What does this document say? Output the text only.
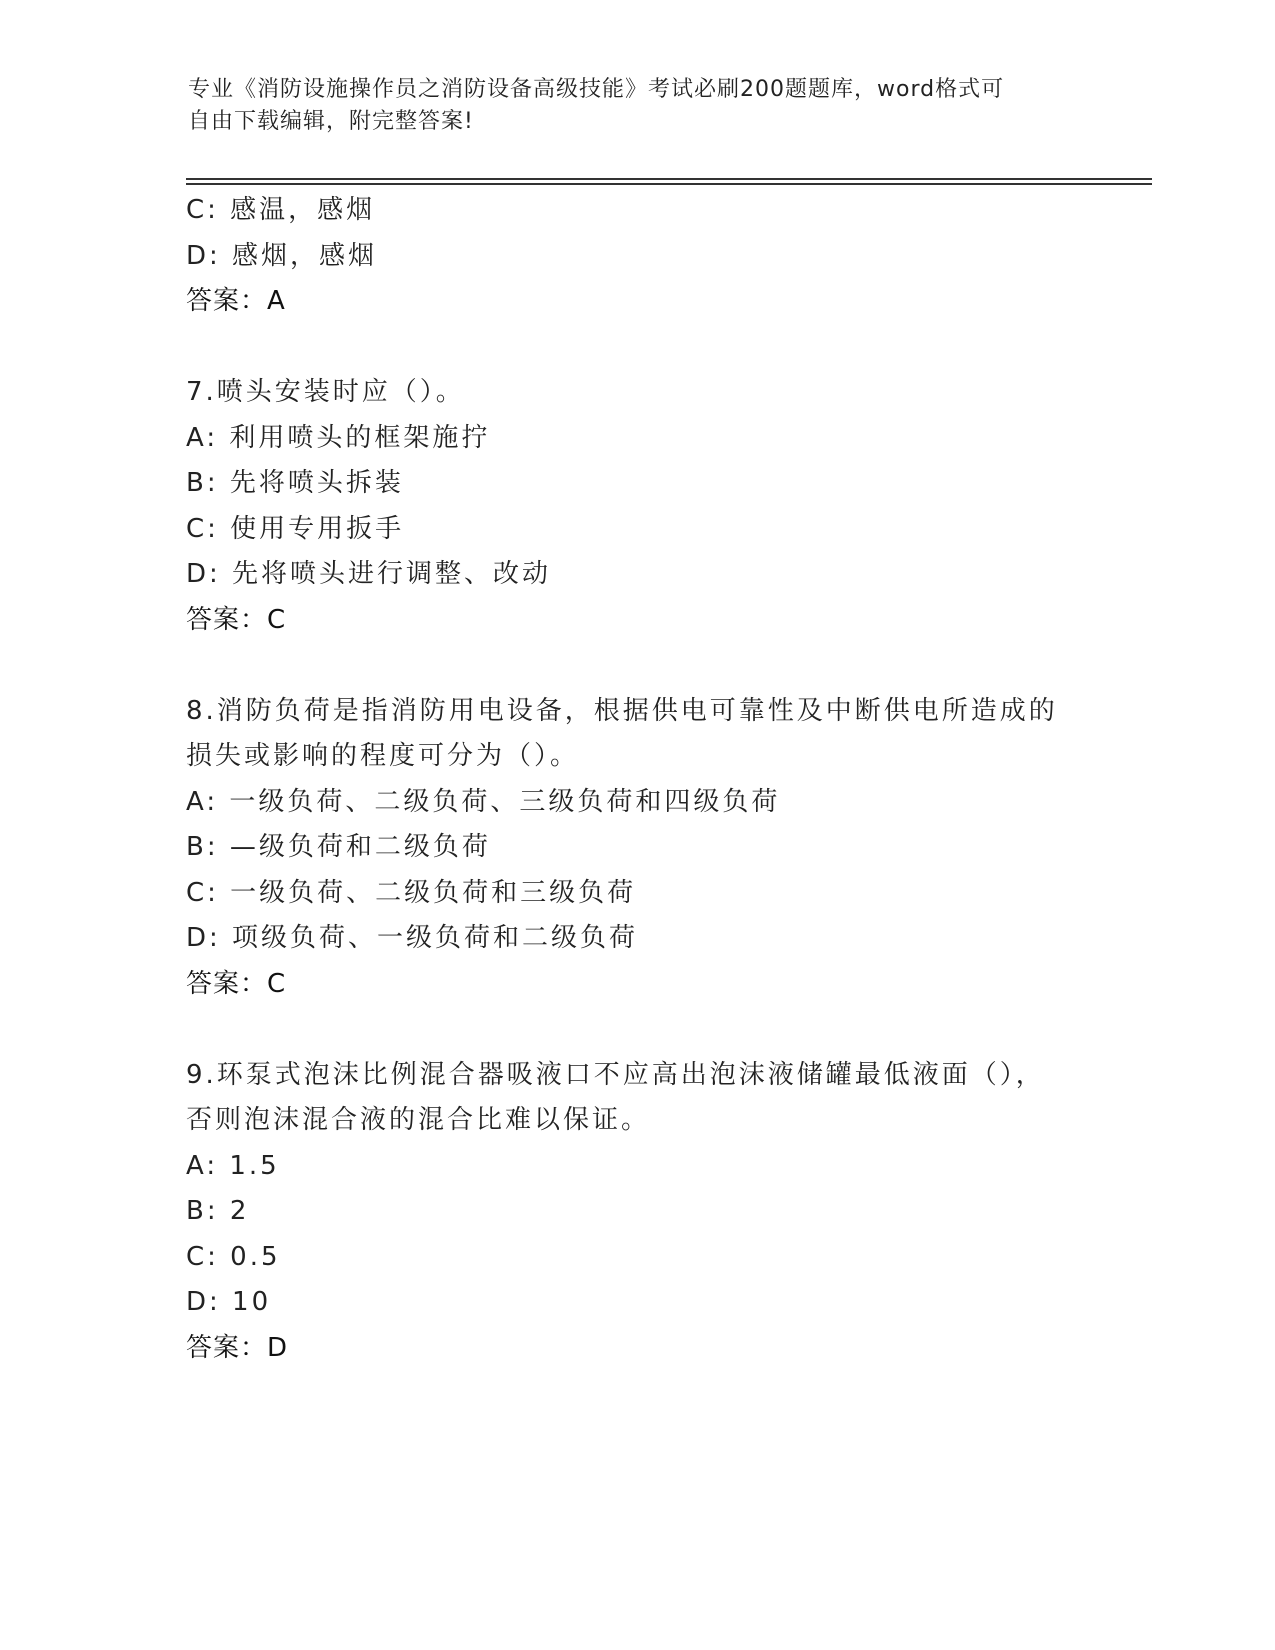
专业《消防设施操作员之消防设备高级技能》考试必刷200题题库，word格式可
自由下载编辑，附完整答案!
C: 感温，感烟
D: 感烟，感烟
答案：A
7.喷头安装时应（）。
A: 利用喷头的框架施拧
B: 先将喷头拆装
C: 使用专用扳手
D: 先将喷头进行调整、改动
答案：C
8.消防负荷是指消防用电设备，根据供电可靠性及中断供电所造成的
损失或影响的程度可分为（）。
A: 一级负荷、二级负荷、三级负荷和四级负荷
B: —级负荷和二级负荷
C: 一级负荷、二级负荷和三级负荷
D: 项级负荷、一级负荷和二级负荷
答案：C
9.环泵式泡沫比例混合器吸液口不应高出泡沫液储罐最低液面（），
否则泡沫混合液的混合比难以保证。
A: 1.5
B: 2
C: 0.5
D: 10
答案：D
